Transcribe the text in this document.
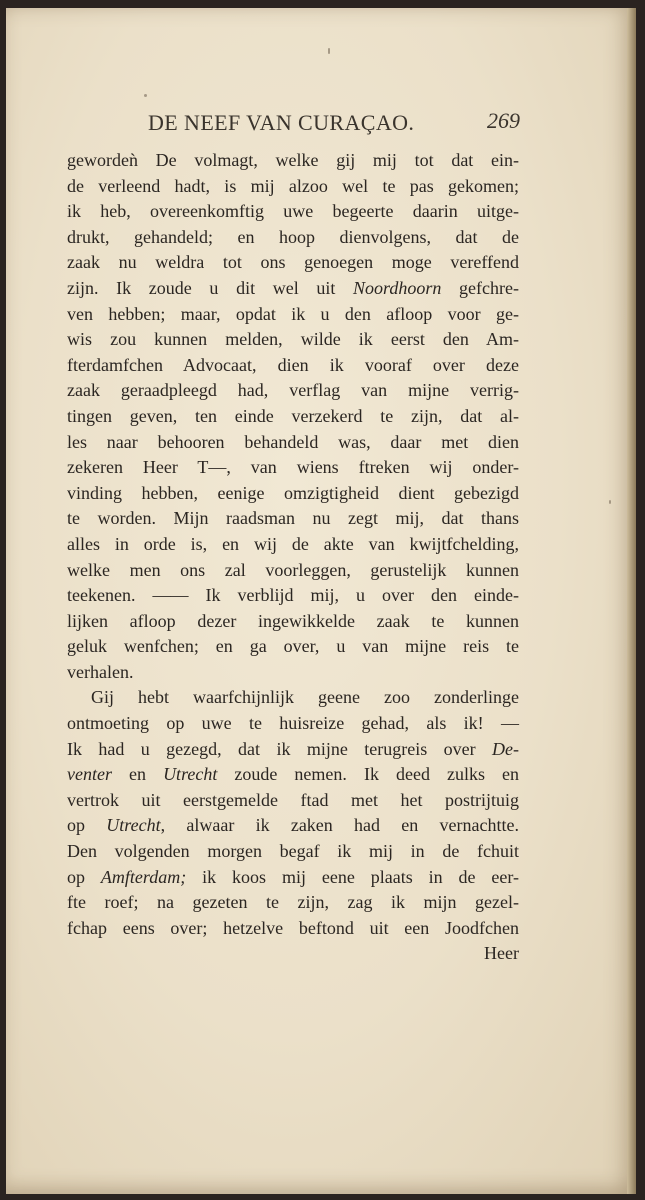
DE NEEF VAN CURAÇAO.	269
gewordeǹ De volmagt, welke gij mij tot dat ein-
de verleend hadt, is mij alzoo wel te pas gekomen;
ik heb, overeenkomftig uwe begeerte daarin uitge-
drukt, gehandeld; en hoop dienvolgens, dat de
zaak nu weldra tot ons genoegen moge vereffend
zijn. Ik zoude u dit wel uit Noordhoorn gefchre-
ven hebben; maar, opdat ik u den afloop voor ge-
wis zou kunnen melden, wilde ik eerst den Am-
fterdamfchen Advocaat, dien ik vooraf over deze
zaak geraadpleegd had, verflag van mijne verrig-
tingen geven, ten einde verzekerd te zijn, dat al-
les naar behooren behandeld was, daar met dien
zekeren Heer T—, van wiens ftreken wij onder-
vinding hebben, eenige omzigtigheid dient gebezigd
te worden. Mijn raadsman nu zegt mij, dat thans
alles in orde is, en wij de akte van kwijtfchelding,
welke men ons zal voorleggen, gerustelijk kunnen
teekenen. —— Ik verblijd mij, u over den einde-
lijken afloop dezer ingewikkelde zaak te kunnen
geluk wenfchen; en ga over, u van mijne reis te
verhalen.
Gij hebt waarfchijnlijk geene zoo zonderlinge
ontmoeting op uwe te huisreize gehad, als ik! —
Ik had u gezegd, dat ik mijne terugreis over De-
venter en Utrecht zoude nemen. Ik deed zulks en
vertrok uit eerstgemelde ftad met het postrijtuig
op Utrecht, alwaar ik zaken had en vernachtte.
Den volgenden morgen begaf ik mij in de fchuit
op Amfterdam; ik koos mij eene plaats in de eer-
fte roef; na gezeten te zijn, zag ik mijn gezel-
fchap eens over; hetzelve beftond uit een Joodfchen
Heer
